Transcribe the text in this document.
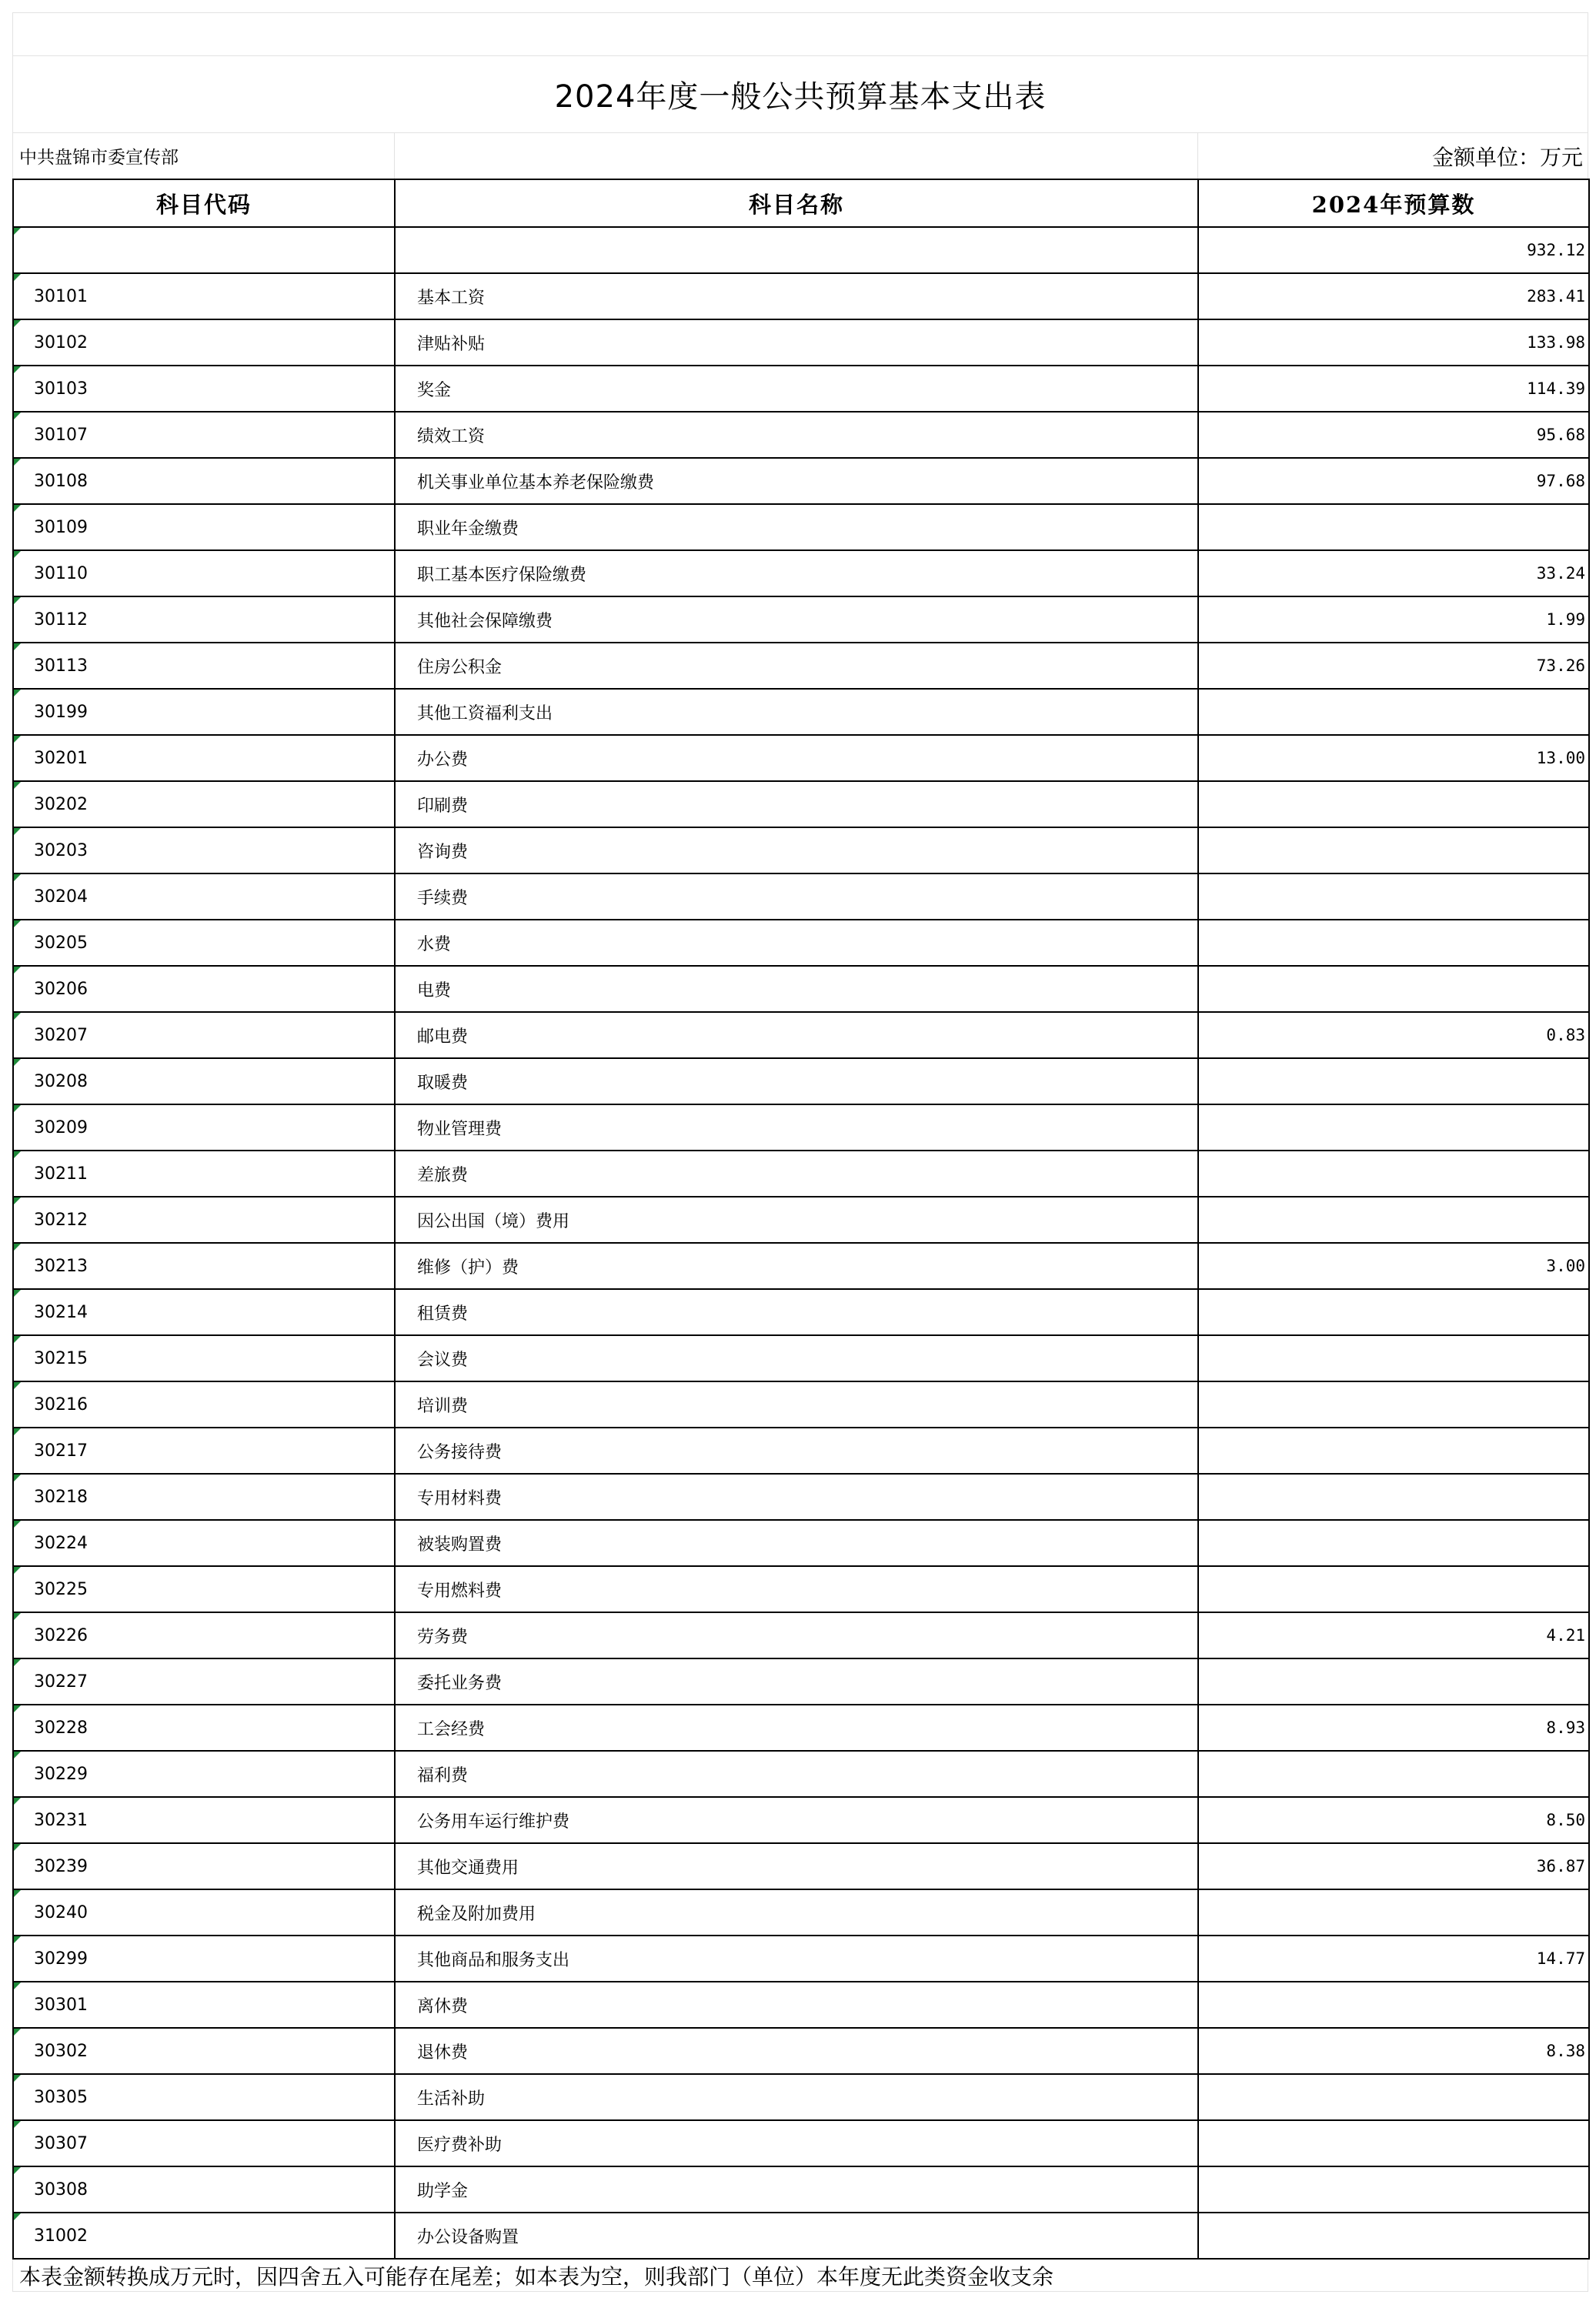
2024年度一般公共预算基本支出表
中共盘锦市委宣传部	金额单位：万元
科目代码	科目名称	2024年预算数
		932.12
30101	基本工资	283.41
30102	津贴补贴	133.98
30103	奖金	114.39
30107	绩效工资	95.68
30108	机关事业单位基本养老保险缴费	97.68
30109	职业年金缴费	
30110	职工基本医疗保险缴费	33.24
30112	其他社会保障缴费	1.99
30113	住房公积金	73.26
30199	其他工资福利支出	
30201	办公费	13.00
30202	印刷费	
30203	咨询费	
30204	手续费	
30205	水费	
30206	电费	
30207	邮电费	0.83
30208	取暖费	
30209	物业管理费	
30211	差旅费	
30212	因公出国（境）费用	
30213	维修（护）费	3.00
30214	租赁费	
30215	会议费	
30216	培训费	
30217	公务接待费	
30218	专用材料费	
30224	被装购置费	
30225	专用燃料费	
30226	劳务费	4.21
30227	委托业务费	
30228	工会经费	8.93
30229	福利费	
30231	公务用车运行维护费	8.50
30239	其他交通费用	36.87
30240	税金及附加费用	
30299	其他商品和服务支出	14.77
30301	离休费	
30302	退休费	8.38
30305	生活补助	
30307	医疗费补助	
30308	助学金	
31002	办公设备购置	
本表金额转换成万元时，因四舍五入可能存在尾差；如本表为空，则我部门（单位）本年度无此类资金收支余
